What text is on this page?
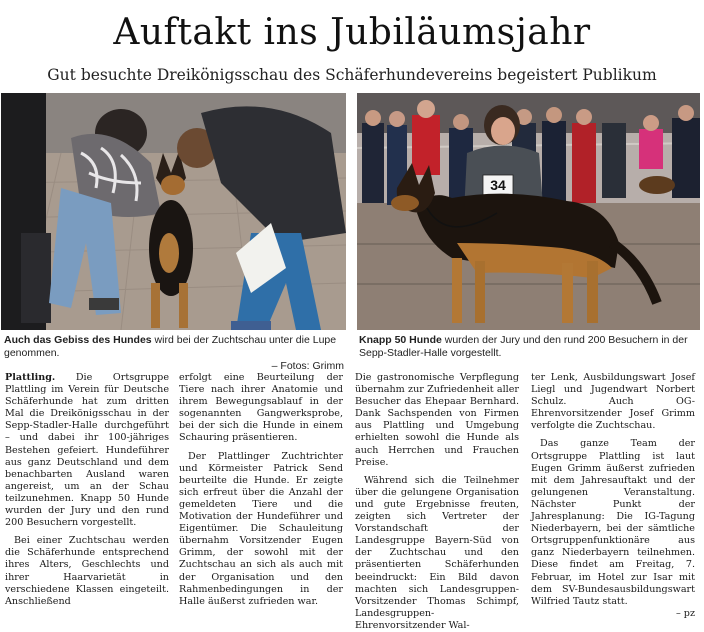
Auftakt ins Jubiläumsjahr
Gut besuchte Dreikönigsschau des Schäferhundevereins begeistert Publikum
34
Auch das Gebiss des Hundes wird bei der Zuchtschau unter die Lupe genommen.
– Fotos: Grimm
Knapp 50 Hunde wurden der Jury und den rund 200 Besuchern in der Sepp-Stadler-Halle vorgestellt.

Plattling. Die Ortsgruppe Plattling im Verein für Deutsche Schäferhunde hat zum dritten Mal die Dreikönigsschau in der Sepp-Stadler-Halle durchgeführt – und dabei ihr 100-jähriges Bestehen gefeiert. Hundeführer aus ganz Deutschland und dem benachbarten Ausland waren angereist, um an der Schau teilzunehmen. Knapp 50 Hunde wurden der Jury und den rund 200 Besuchern vorgestellt.

Bei einer Zuchtschau werden die Schäferhunde entsprechend ihres Alters, Geschlechts und ihrer Haarvarietät in verschiedene Klassen eingeteilt. Anschließend

erfolgt eine Beurteilung der Tiere nach ihrer Anatomie und ihrem Bewegungsablauf in der sogenannten Gangwerksprobe, bei der sich die Hunde in einem Schauring präsentieren.

Der Plattlinger Zuchtrichter und Körmeister Patrick Send beurteilte die Hunde. Er zeigte sich erfreut über die Anzahl der gemeldeten Tiere und die Motivation der Hundeführer und Eigentümer. Die Schauleitung übernahm Vorsitzender Eugen Grimm, der sowohl mit der Zuchtschau an sich als auch mit der Organisation und den Rahmenbedingungen in der Halle äußerst zufrieden war.

Die gastronomische Verpflegung übernahm zur Zufriedenheit aller Besucher das Ehepaar Bernhard. Dank Sachspenden von Firmen aus Plattling und Umgebung erhielten sowohl die Hunde als auch Herrchen und Frauchen Preise.

Während sich die Teilnehmer über die gelungene Organisation und gute Ergebnisse freuten, zeigten sich Vertreter der Vorstandschaft der Landesgruppe Bayern-Süd von der Zuchtschau und den präsentierten Schäferhunden beeindruckt: Ein Bild davon machten sich Landesgruppen-Vorsitzender Thomas Schimpf, Landesgruppen-Ehrenvorsitzender Wal-

ter Lenk, Ausbildungswart Josef Liegl und Jugendwart Norbert Schulz. Auch OG-Ehrenvorsitzender Josef Grimm verfolgte die Zuchtschau.

Das ganze Team der Ortsgruppe Plattling ist laut Eugen Grimm äußerst zufrieden mit dem Jahresauftakt und der gelungenen Veranstaltung. Nächster Punkt der Jahresplanung: Die IG-Tagung Niederbayern, bei der sämtliche Ortsgruppenfunktionäre aus ganz Niederbayern teilnehmen. Diese findet am Freitag, 7. Februar, im Hotel zur Isar mit dem SV-Bundesausbildungswart Wilfried Tautz statt.

– pz
